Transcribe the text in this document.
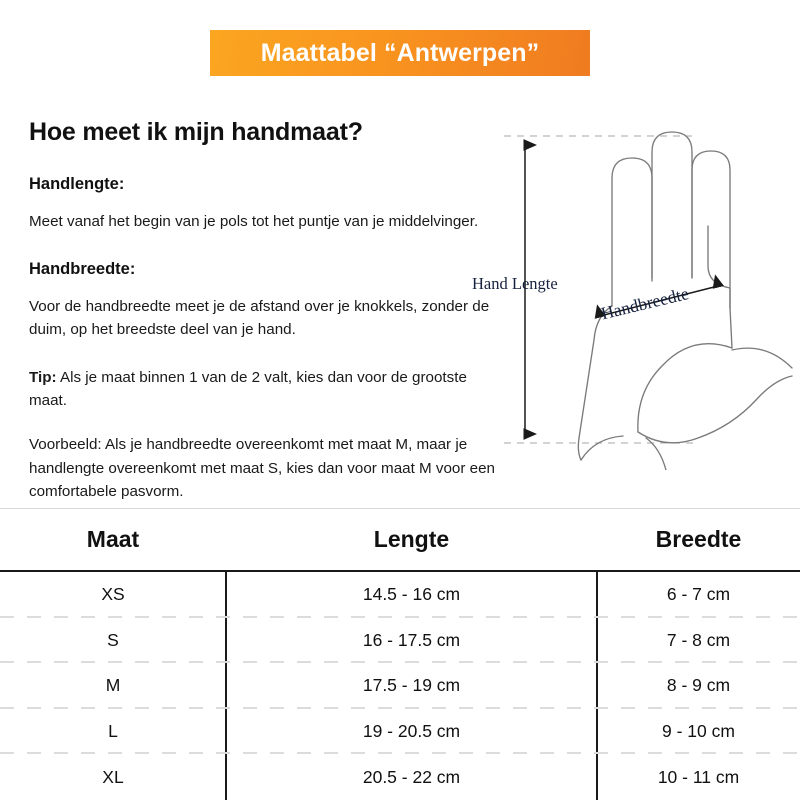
Maattabel “Antwerpen”
Hoe meet ik mijn handmaat?
Handlengte:

Meet vanaf het begin van je pols tot het puntje van je middelvinger.

Handbreedte:

Voor de handbreedte meet je de afstand over je knokkels, zonder de duim, op het breedste deel van je hand.

Tip: Als je maat binnen 1 van de 2 valt, kies dan voor de grootste maat.

Voorbeeld: Als je handbreedte overeenkomt met maat M, maar je handlengte overeenkomt met maat S, kies dan voor maat M voor een comfortabele pasvorm.

Hand Lengte Handbreedte
Maat	Lengte	Breedte
XS	14.5 - 16 cm	6 - 7 cm
S	16 - 17.5 cm	7 - 8 cm
M	17.5 - 19 cm	8 - 9 cm
L	19 - 20.5 cm	9 - 10 cm
XL	20.5 - 22 cm	10 - 11 cm
